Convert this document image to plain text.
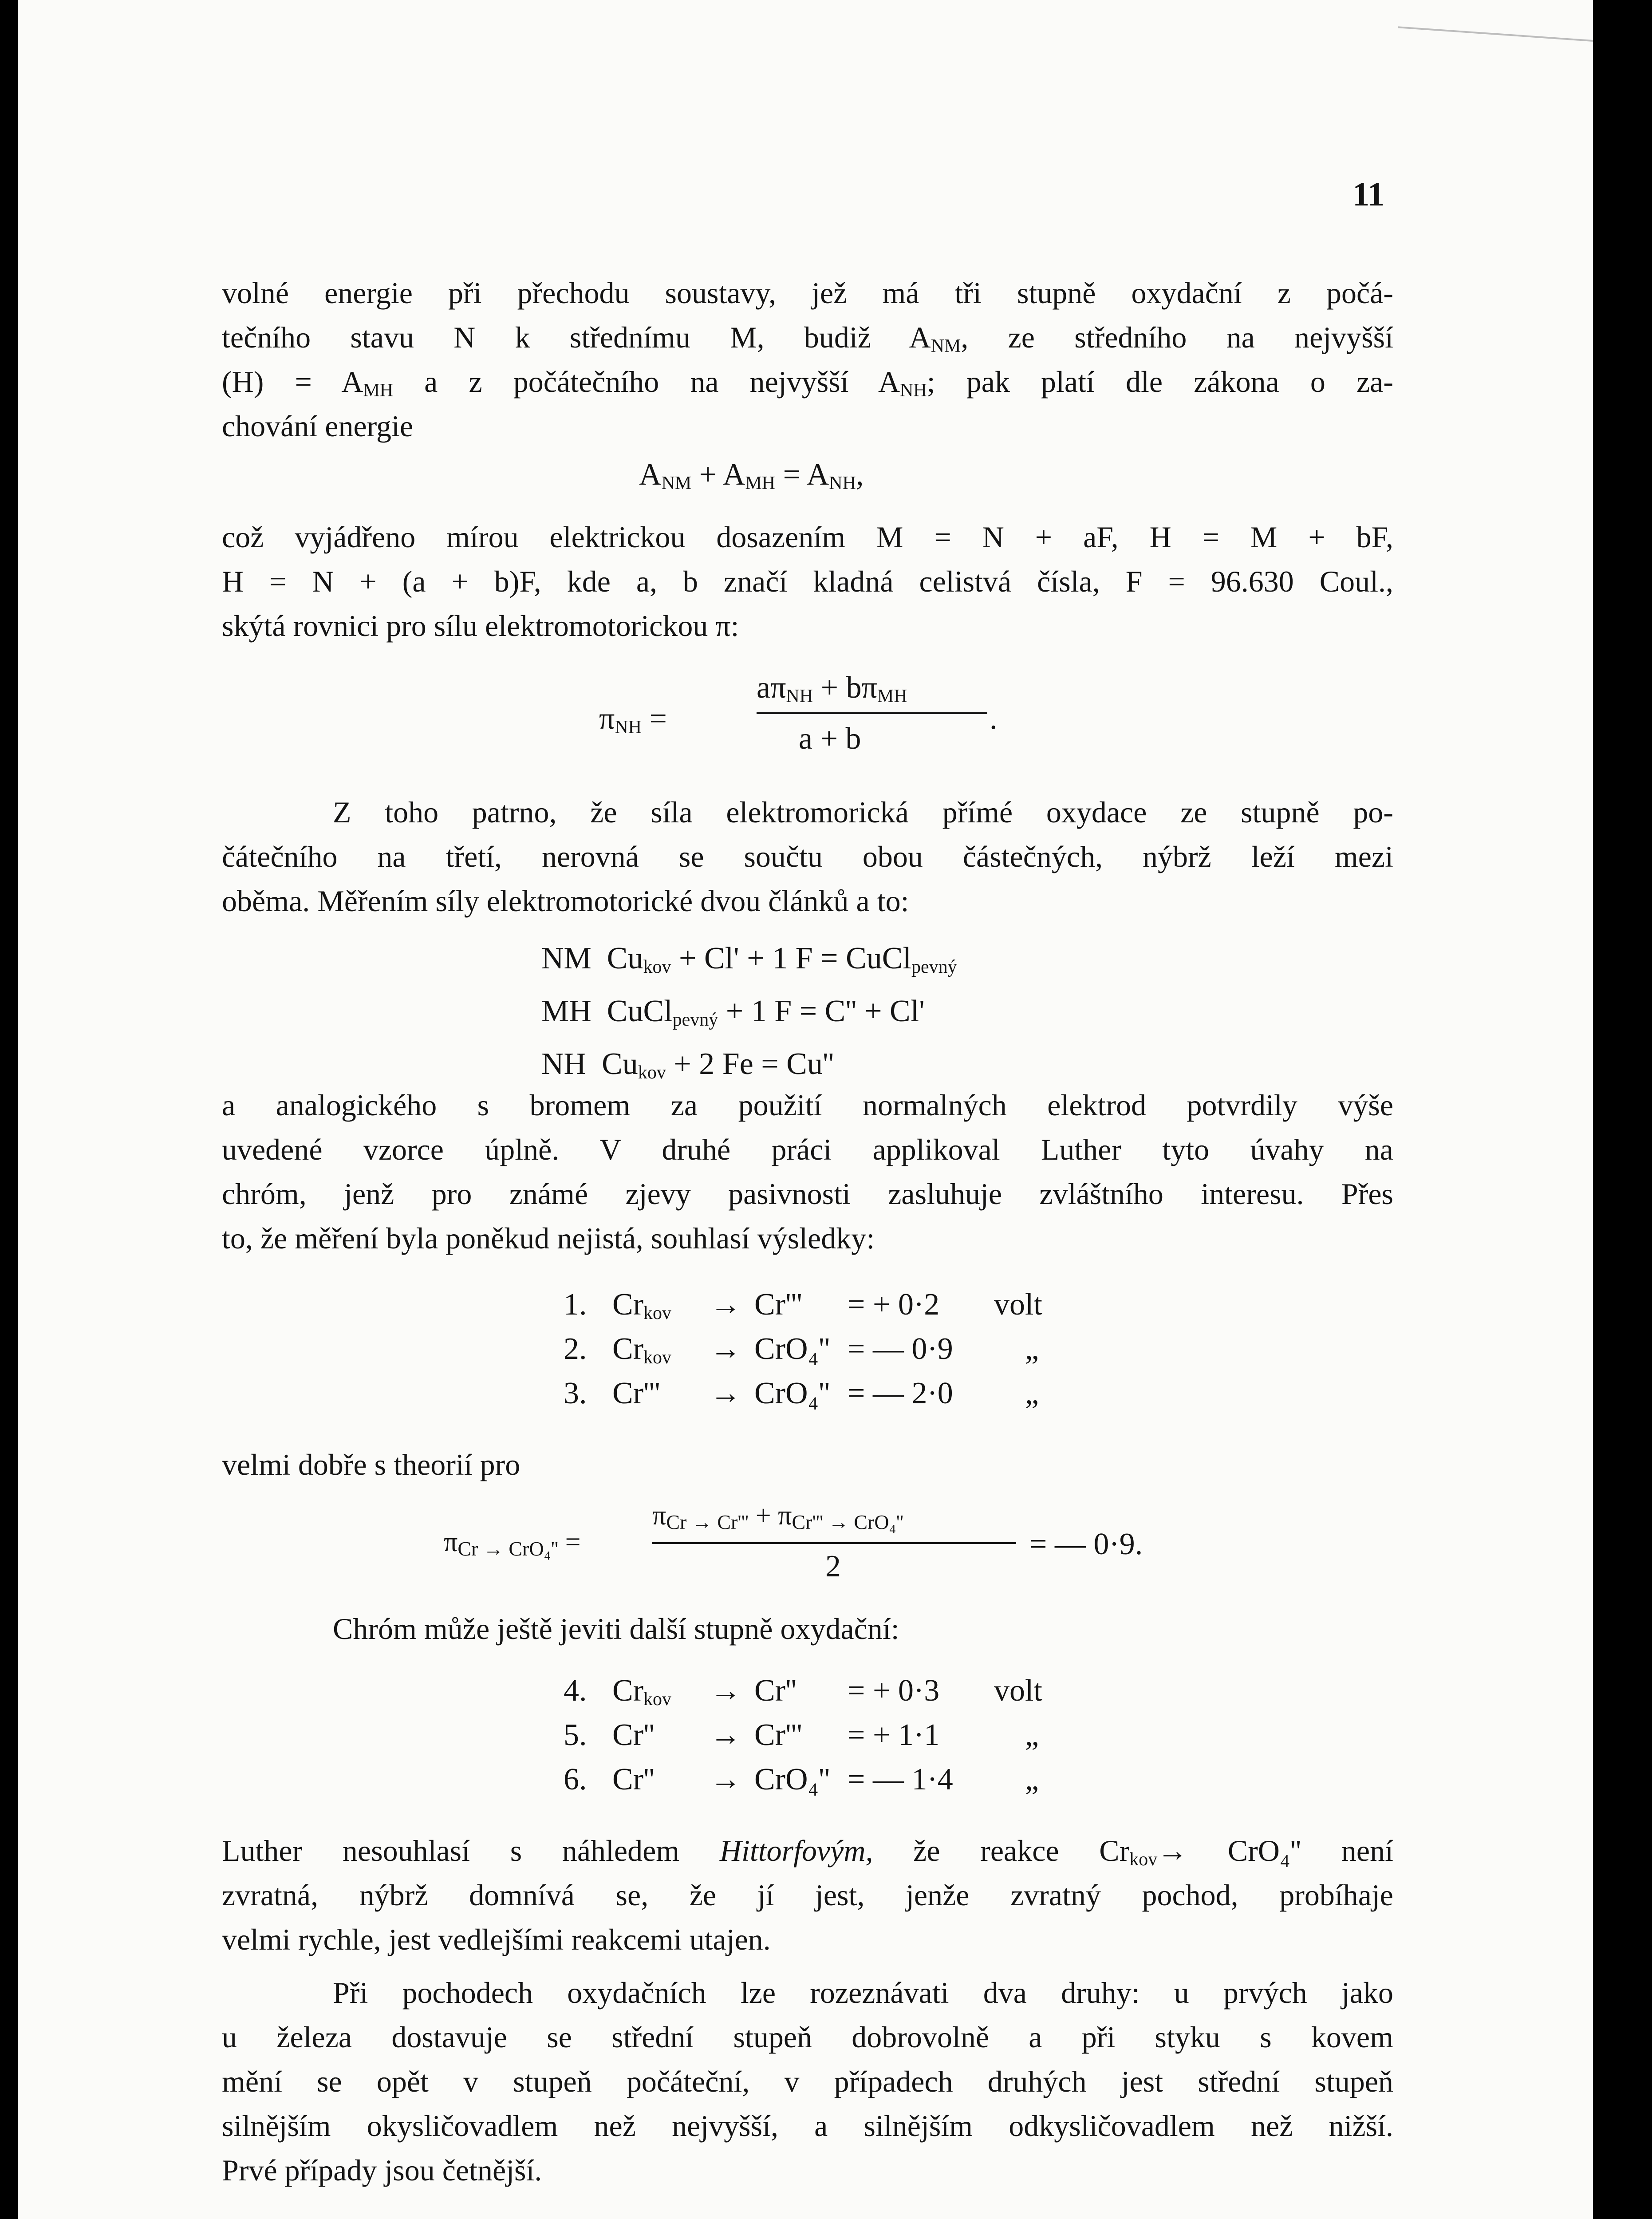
11
volné energie při přechodu soustavy, jež má tři stupně oxydační z počá-
tečního stavu N k střednímu M, budiž $A_{NM}$, ze středního na nejvyšší
$(H) = A_{MH}$ a z počátečního na nejvyšší $A_{NH}$; pak platí dle zákona o za-
chování energie
$A_{NM} + A_{MH} = A_{NH}$,
což vyjádřeno mírou elektrickou dosazením M = N + aF, H = M + bF,
H = N + (a + b)F, kde a, b značí kladná celistvá čísla, F = 96.630 Coul.,
skýtá rovnici pro sílu elektromotorickou π:
$\pi_{NH}$ =
$a\pi_{NH} + b\pi_{MH}$
a + b
.
Z toho patrno, že síla elektromorická přímé oxydace ze stupně po-
čátečního na třetí, nerovná se součtu obou částečných, nýbrž leží mezi
oběma. Měřením síly elektromotorické dvou článků a to:
NM $Cu_{kov} + Cl' + 1$ F = CuCl$_{pevný}$
MH CuCl$_{pevný}$ + 1 F = C'' + Cl'
NH $Cu_{kov} + 2$ Fe = Cu''
a analogického s bromem za použití normalných elektrod potvrdily výše
uvedené vzorce úplně. V druhé práci applikoval Luther tyto úvahy na
chróm, jenž pro známé zjevy pasivnosti zasluhuje zvláštního interesu. Přes
to, že měření byla poněkud nejistá, souhlasí výsledky:
1. $Cr_{kov} \to Cr'''$ = + 0·2 volt
2. $Cr_{kov} \to CrO_4''$ = — 0·9 „
3. Cr''' → CrO₄'' = — 2·0 „
velmi dobře s theorií pro
$\pi_{Cr \to CrO_4''}$ =
$\pi_{Cr \to Cr'''} + \pi_{Cr''' \to CrO_4''}$
2
= — 0·9.
Chróm může ještě jeviti další stupně oxydační:
4. $Cr_{kov} \to Cr''$ = + 0·3 volt
5. Cr'' → Cr''' = + 1·1	„
6. Cr'' → CrO₄'' = — 1·4 „
Luther nesouhlasí s náhledem Hittorfovým, že reakce $Cr_{kov}\to CrO_4''$ není
zvratná, nýbrž domnívá se, že jí jest, jenže zvratný pochod, probíhaje
velmi rychle, jest vedlejšími reakcemi utajen.
Při pochodech oxydačních lze rozeznávati dva druhy: u prvých jako
u železa dostavuje se střední stupeň dobrovolně a při styku s kovem
mění se opět v stupeň počáteční, v případech druhých jest střední stupeň
silnějším okysličovadlem než nejvyšší, a silnějším odkysličovadlem než nižší.
Prvé případy jsou četnější.
